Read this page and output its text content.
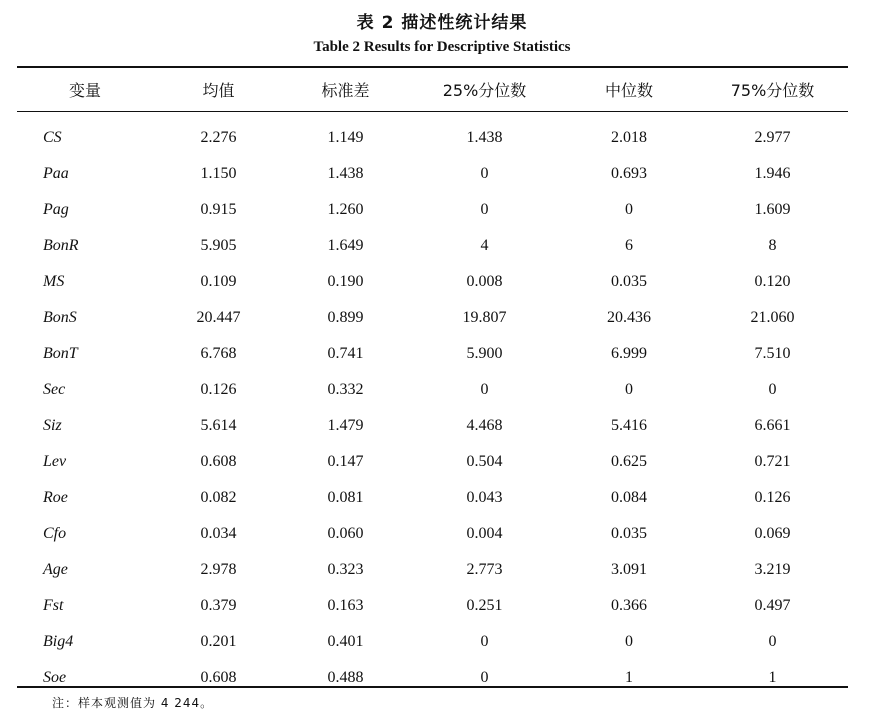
表 2 描述性统计结果
Table 2 Results for Descriptive Statistics
变量	均值	标准差	25%分位数	中位数	75%分位数
CS	2.276	1.149	1.438	2.018	2.977
Paa	1.150	1.438	0	0.693	1.946
Pag	0.915	1.260	0	0	1.609
BonR	5.905	1.649	4	6	8
MS	0.109	0.190	0.008	0.035	0.120
BonS	20.447	0.899	19.807	20.436	21.060
BonT	6.768	0.741	5.900	6.999	7.510
Sec	0.126	0.332	0	0	0
Siz	5.614	1.479	4.468	5.416	6.661
Lev	0.608	0.147	0.504	0.625	0.721
Roe	0.082	0.081	0.043	0.084	0.126
Cfo	0.034	0.060	0.004	0.035	0.069
Age	2.978	0.323	2.773	3.091	3.219
Fst	0.379	0.163	0.251	0.366	0.497
Big4	0.201	0.401	0	0	0
Soe	0.608	0.488	0	1	1
注：样本观测值为 4 244。
